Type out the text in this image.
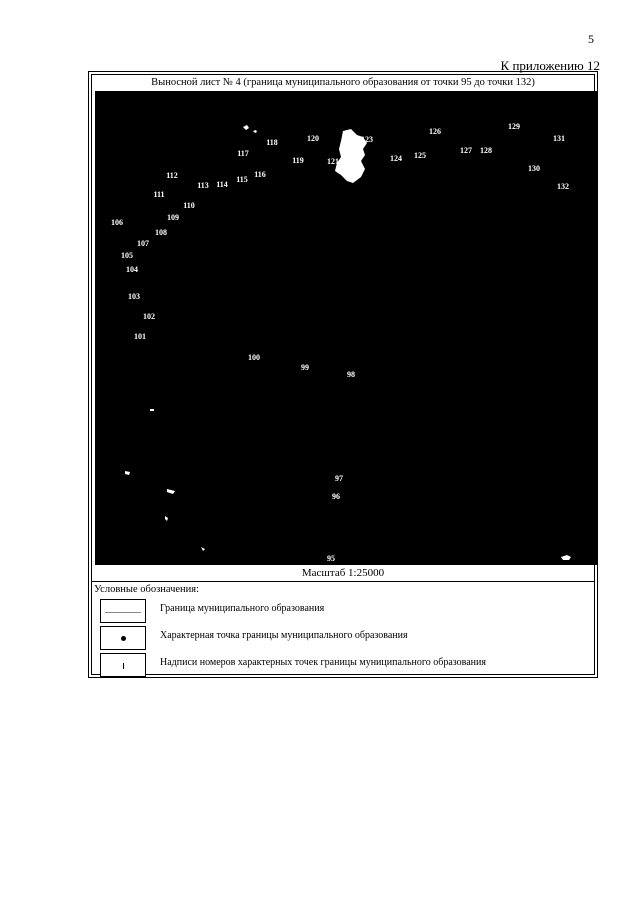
5
К приложению 12
Выносной лист № 4 (граница муниципального образования от точки 95 до точки 132)
95
96
97
98
99
100
101
102
103
104
105
106
107
108
109
110
111
112
113 114
115
116
117
118
119
120
121 122
123
124 125
126
127 128
129
130
131
132
Масштаб 1:25000
Условные обозначения:
Граница муниципального образования
Характерная точка границы муниципального образования
Надписи номеров характерных точек границы муниципального образования
